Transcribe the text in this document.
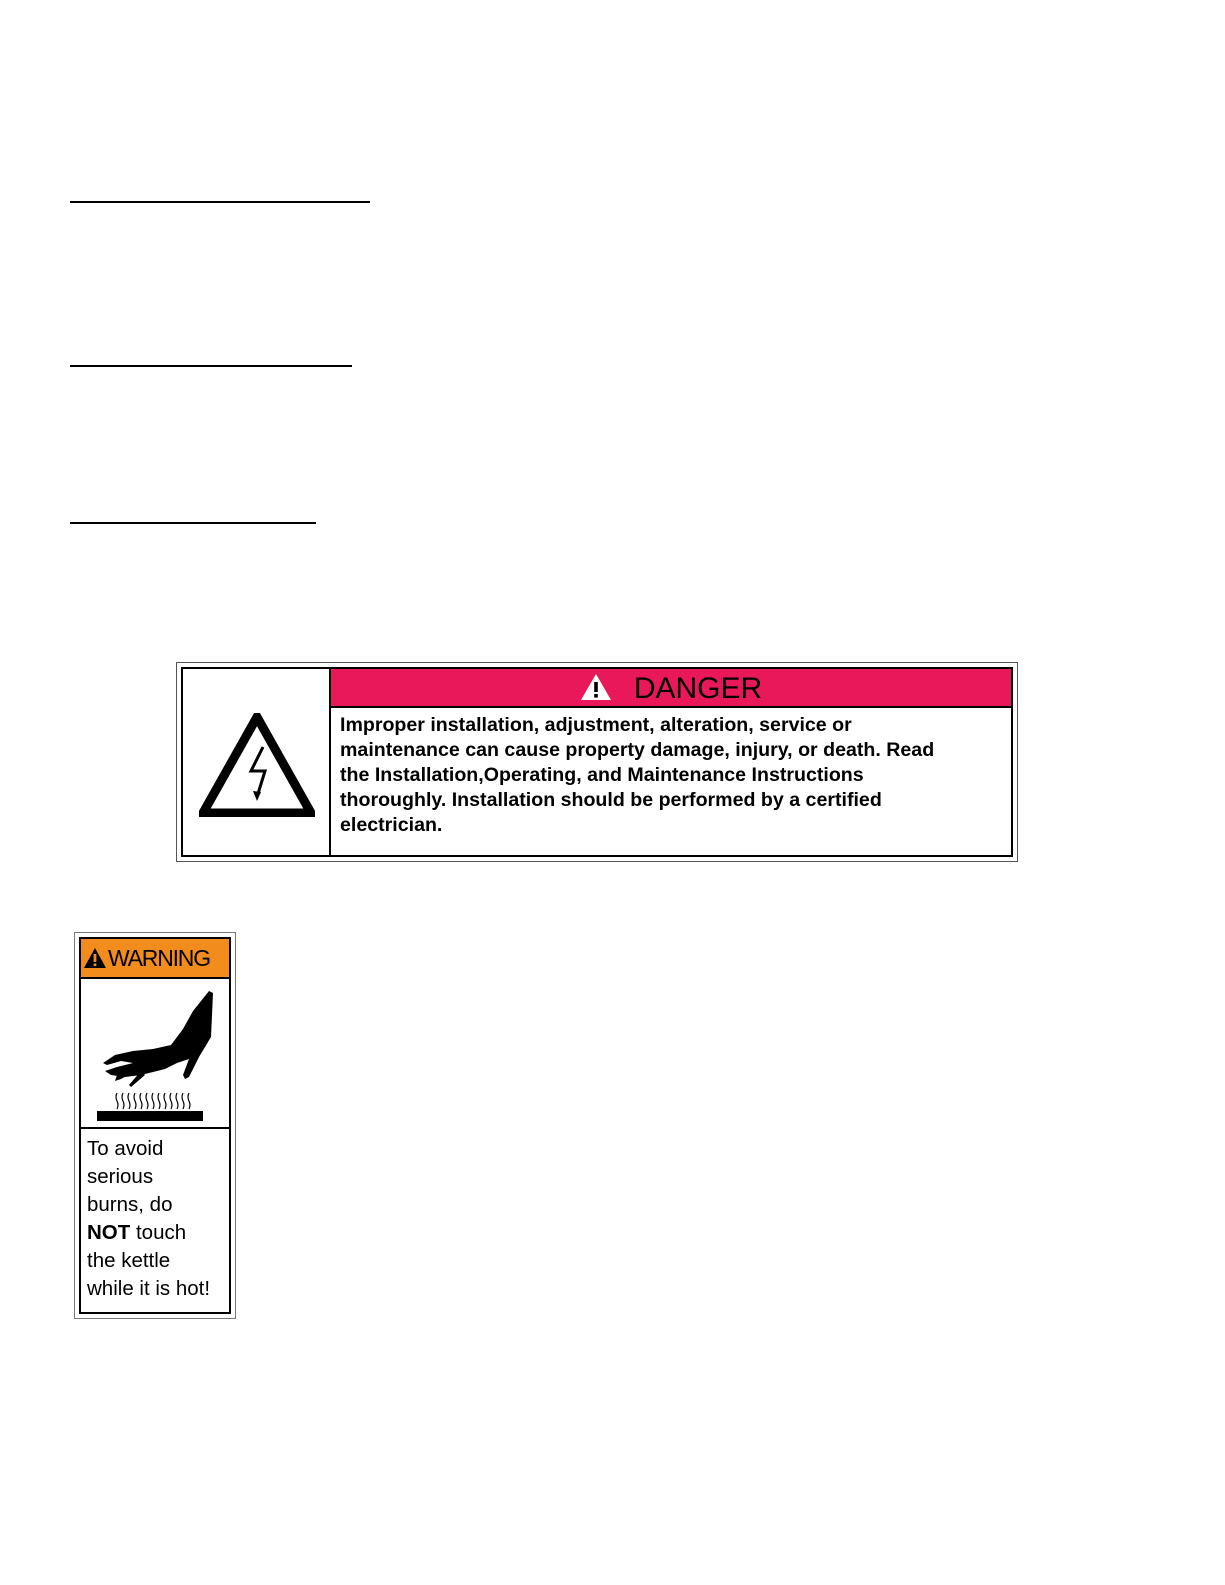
DANGER
Improper installation, adjustment, alteration, service or
maintenance can cause property damage, injury, or death. Read
the Installation,Operating, and Maintenance Instructions
thoroughly. Installation should be performed by a certified
electrician.
WARNING
To avoid
serious
burns, do
NOT touch
the kettle
while it is hot!
